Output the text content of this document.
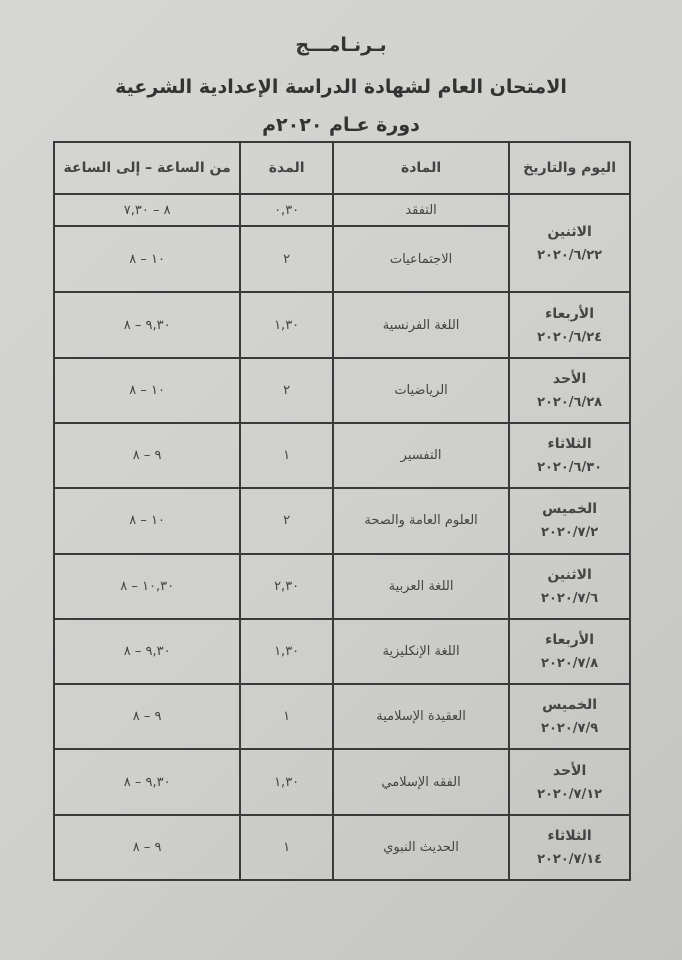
بـرنـامـــج
الامتحان العام لشهادة الدراسة الإعدادية الشرعية
دورة عـام ٢٠٢٠م
اليوم والتاريخ	المادة	المدة	من الساعة – إلى الساعة

الاثنين
٢٠٢٠/٦/٢٢	التفقد	٠,٣٠	٨ – ٧,٣٠
	الاجتماعيات	٢	١٠ – ٨

الأربعاء
٢٠٢٠/٦/٢٤	اللغة الفرنسية	١,٣٠	٩,٣٠ – ٨

الأحد
٢٠٢٠/٦/٢٨	الرياضيات	٢	١٠ – ٨

الثلاثاء
٢٠٢٠/٦/٣٠	التفسير	١	٩ – ٨

الخميس
٢٠٢٠/٧/٢	العلوم العامة والصحة	٢	١٠ – ٨

الاثنين
٢٠٢٠/٧/٦	اللغة العربية	٢,٣٠	١٠,٣٠ – ٨

الأربعاء
٢٠٢٠/٧/٨	اللغة الإنكليزية	١,٣٠	٩,٣٠ – ٨

الخميس
٢٠٢٠/٧/٩	العقيدة الإسلامية	١	٩ – ٨

الأحد
٢٠٢٠/٧/١٢	الفقه الإسلامي	١,٣٠	٩,٣٠ – ٨

الثلاثاء
٢٠٢٠/٧/١٤	الحديث النبوي	١	٩ – ٨
